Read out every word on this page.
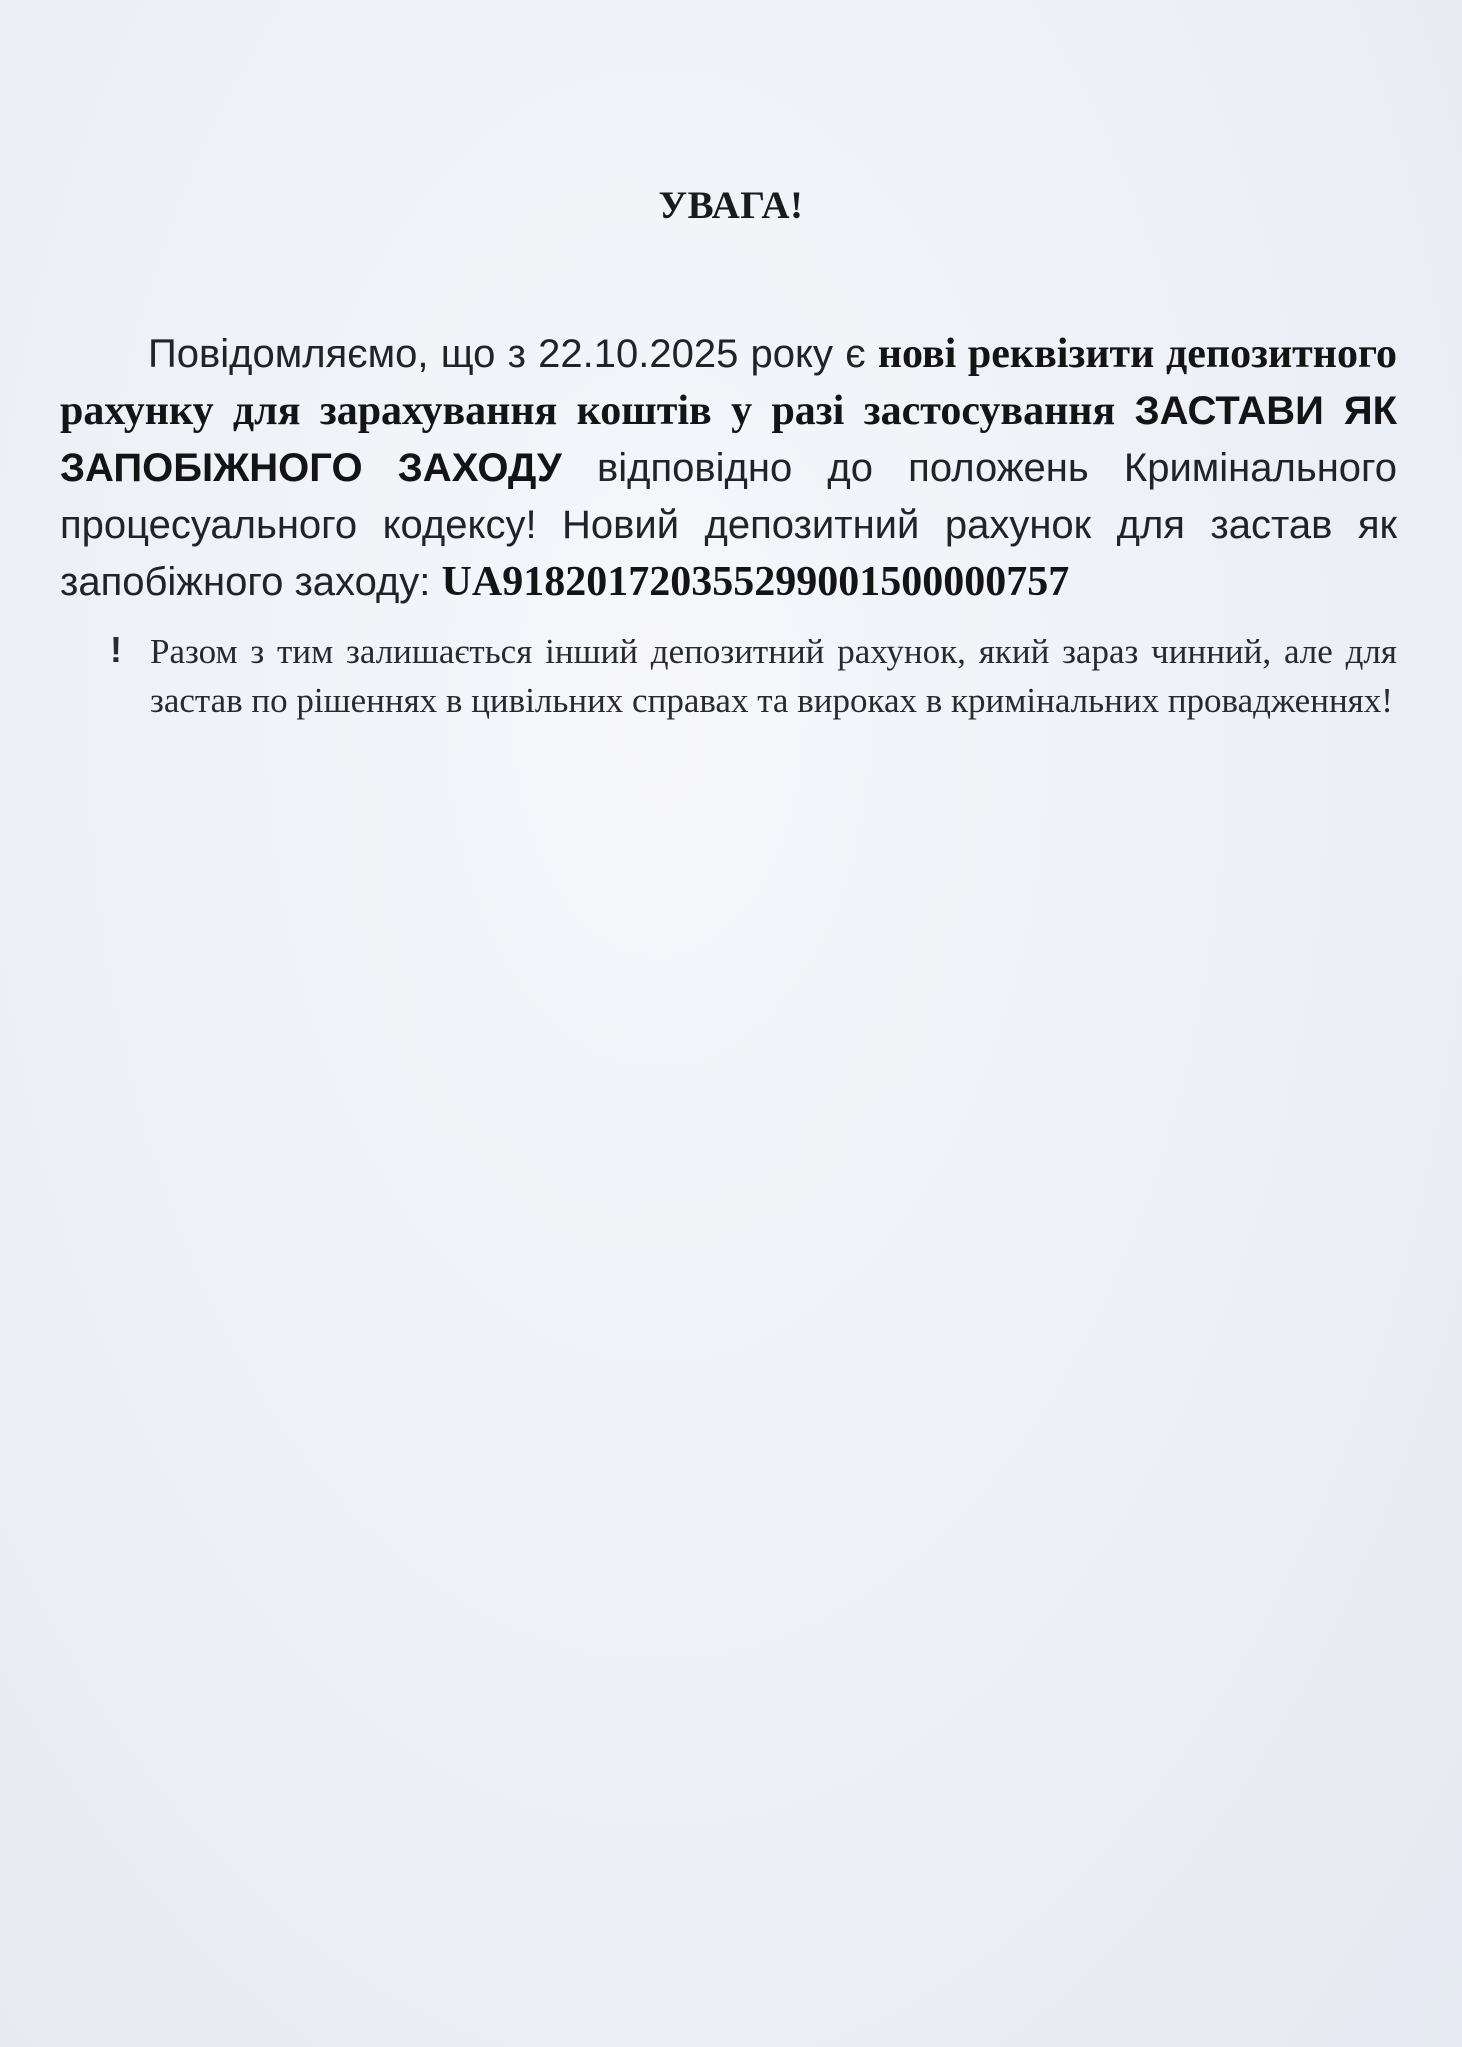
УВАГА!
Повідомляємо, що з 22.10.2025 року є нові реквізити депозитного рахунку для зарахування коштів у разі застосування ЗАСТАВИ ЯК ЗАПОБІЖНОГО ЗАХОДУ відповідно до положень Кримінального процесуального кодексу! Новий депозитний рахунок для застав як запобіжного заходу: UA918201720355299001500000757
! Разом з тим залишається інший депозитний рахунок, який зараз чинний, але для застав по рішеннях в цивільних справах та вироках в кримінальних провадженнях!
